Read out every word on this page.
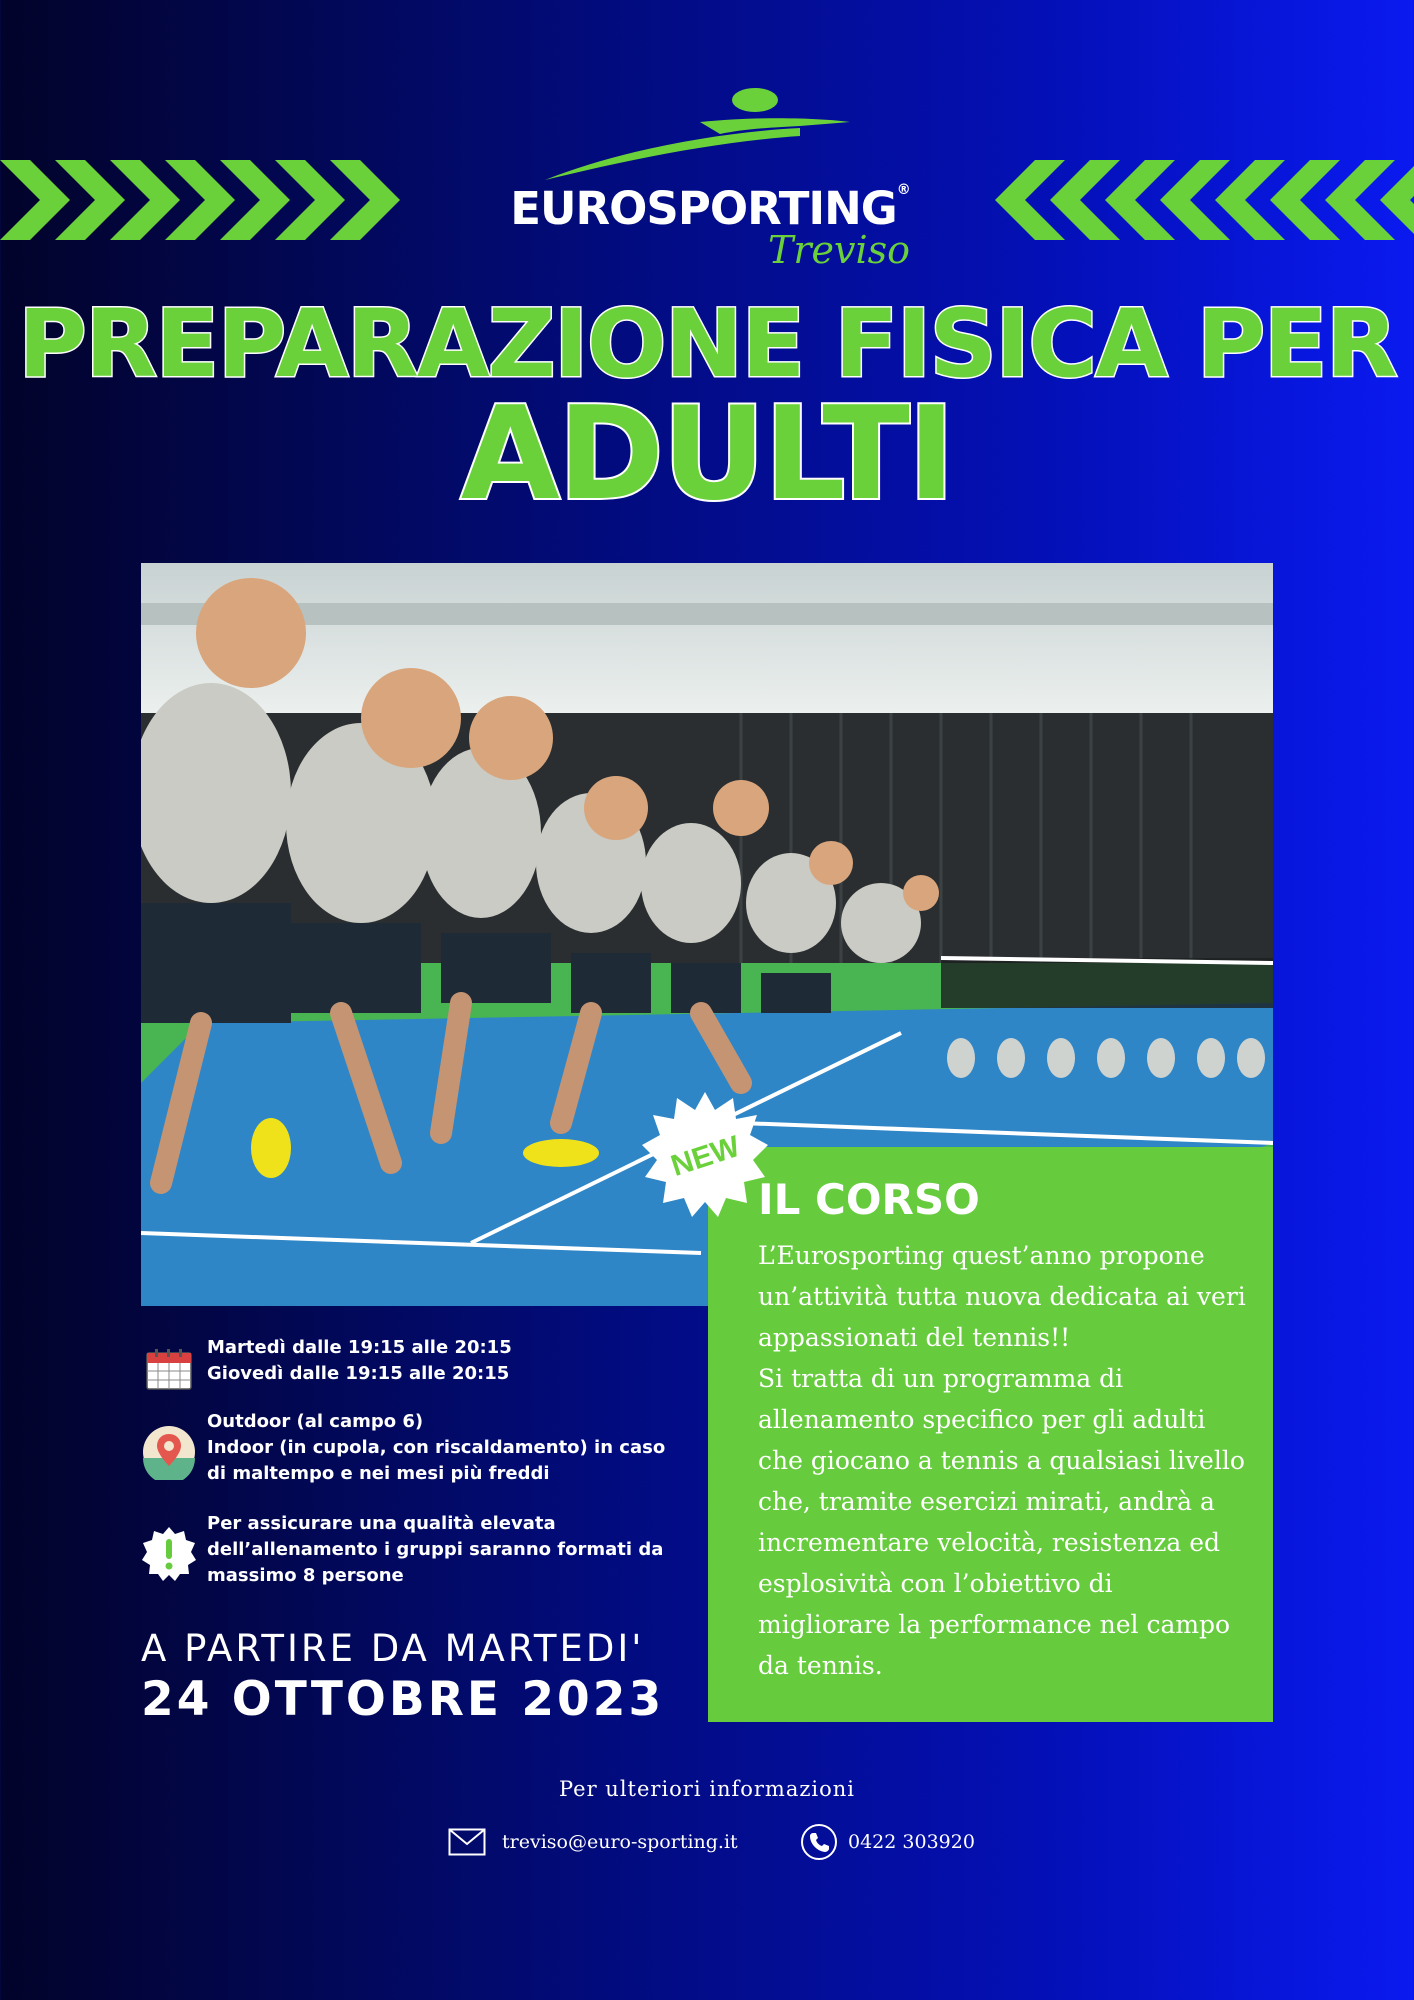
EUROSPORTING®
Treviso
PREPARAZIONE FISICA PER
ADULTI
IL CORSO

L’Eurosporting quest’anno propone un’attività tutta nuova dedicata ai veri appassionati del tennis!!

Si tratta di un programma di allenamento specifico per gli adulti che giocano a tennis a qualsiasi livello che, tramite esercizi mirati, andrà a incrementare velocità, resistenza ed esplosività con l’obiettivo di migliorare la performance nel campo da tennis.

NEW
Martedì dalle 19:15 alle 20:15
Giovedì dalle 19:15 alle 20:15
Outdoor (al campo 6)
Indoor (in cupola, con riscaldamento) in caso
di maltempo e nei mesi più freddi
Per assicurare una qualità elevata
dell’allenamento i gruppi saranno formati da
massimo 8 persone
A PARTIRE DA MARTEDI'
24 OTTOBRE 2023
Per ulteriori informazioni
treviso@euro-sporting.it	0422 303920
